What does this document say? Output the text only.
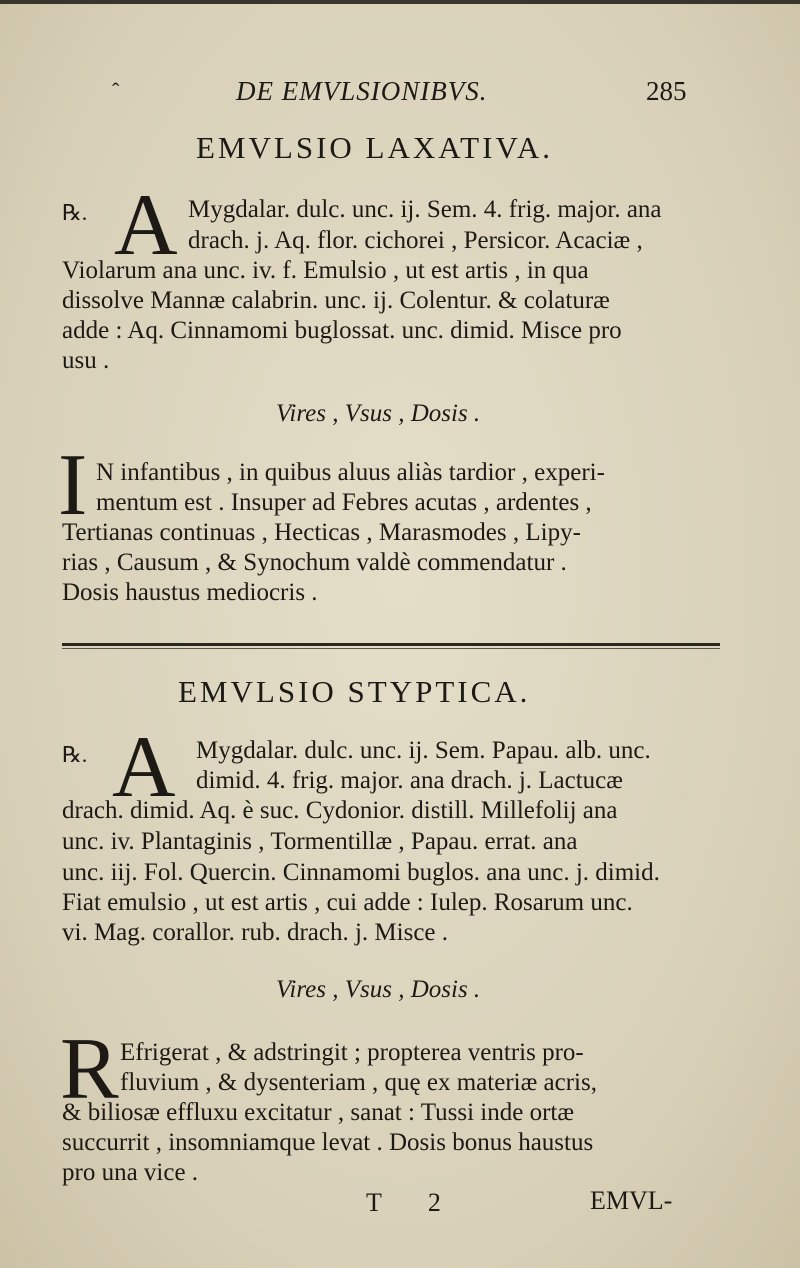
ˆ	DE EMVLSIONIBVS.	285
EMVLSIO LAXATIVA.
℞. A Mygdalar. dulc. unc. ij. Sem. 4. frig. major. ana
drach. j. Aq. flor. cichorei , Persicor. Acaciæ ,
Violarum ana unc. iv. f. Emulsio , ut est artis , in qua
dissolve Mannæ calabrin. unc. ij. Colentur. & colaturæ
adde : Aq. Cinnamomi buglossat. unc. dimid. Misce pro
usu .
Vires , Vsus , Dosis .
I N infantibus , in quibus aluus aliàs tardior , experi-
mentum est . Insuper ad Febres acutas , ardentes ,
Tertianas continuas , Hecticas , Marasmodes , Lipy-
rias , Causum , & Synochum valdè commendatur .
Dosis haustus mediocris .
EMVLSIO STYPTICA.
℞. A Mygdalar. dulc. unc. ij. Sem. Papau. alb. unc.
dimid. 4. frig. major. ana drach. j. Lactucæ
drach. dimid. Aq. è suc. Cydonior. distill. Millefolij ana
unc. iv. Plantaginis , Tormentillæ , Papau. errat. ana
unc. iij. Fol. Quercin. Cinnamomi buglos. ana unc. j. dimid.
Fiat emulsio , ut est artis , cui adde : Iulep. Rosarum unc.
vi. Mag. corallor. rub. drach. j. Misce .
Vires , Vsus , Dosis .
R Efrigerat , & adstringit ; propterea ventris pro-
fluvium , & dysenteriam , quę ex materiæ acris,
& biliosæ effluxu excitatur , sanat : Tussi inde ortæ
succurrit , insomniamque levat . Dosis bonus haustus
pro una vice .
T 2	EMVL-
